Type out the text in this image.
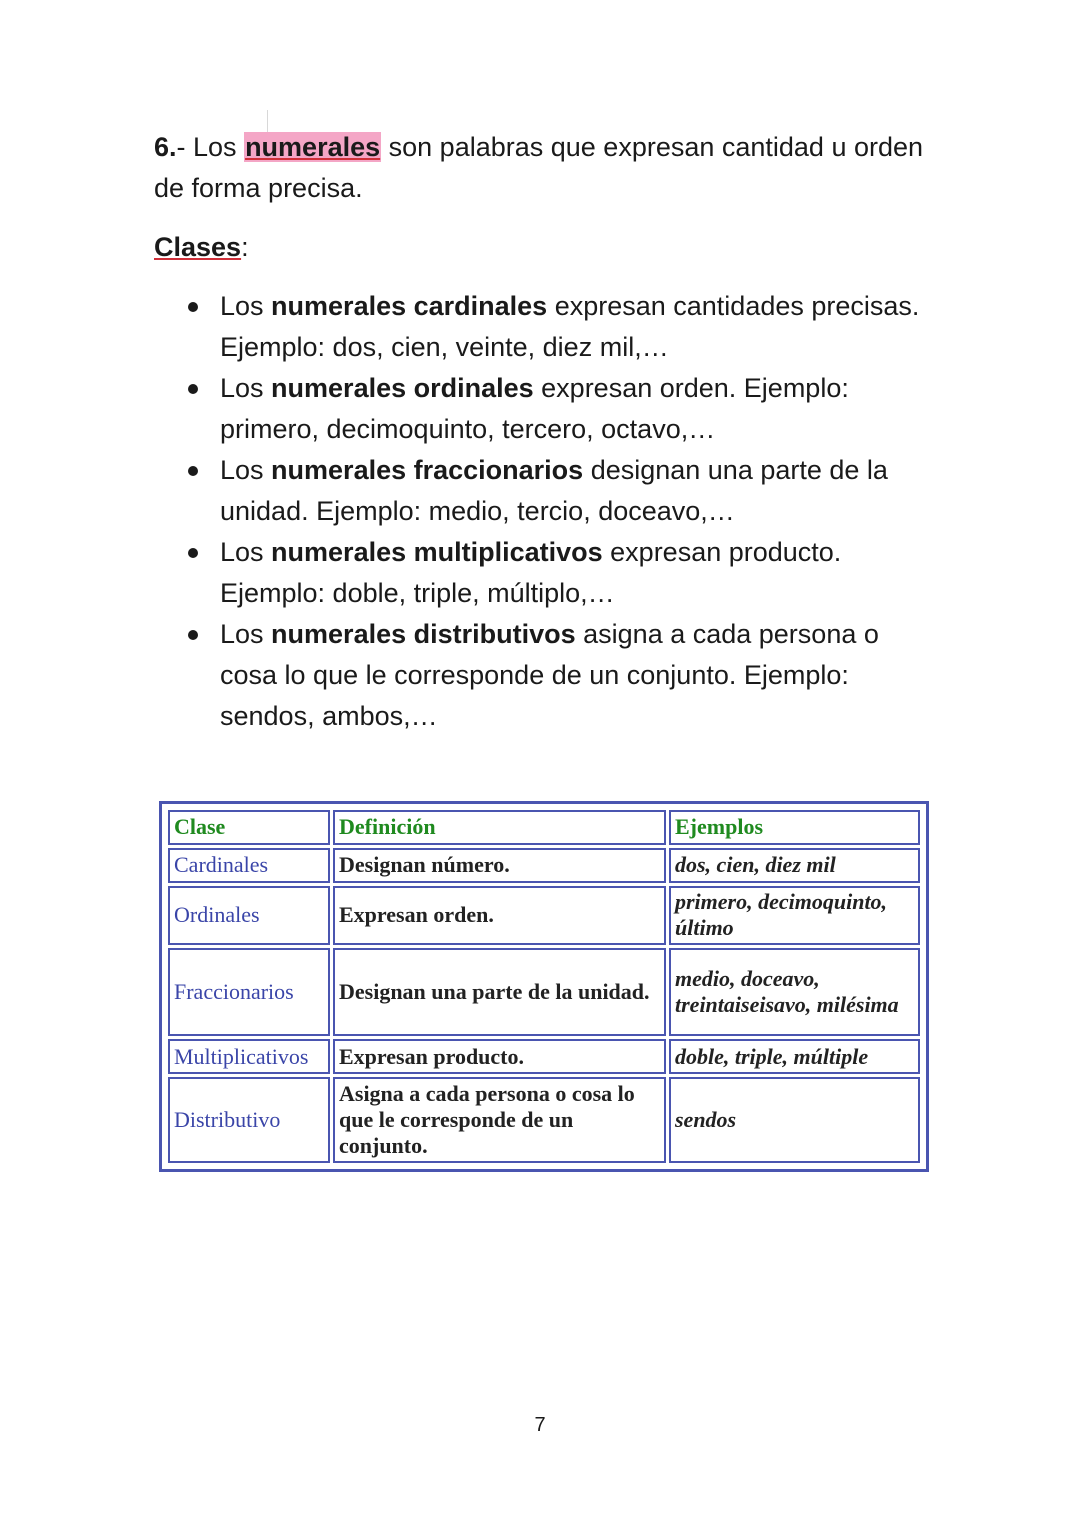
6.- Los numerales son palabras que expresan cantidad u orden de forma precisa.

Clases:
Los numerales cardinales expresan cantidades precisas. Ejemplo: dos, cien, veinte, diez mil,…
Los numerales ordinales expresan orden. Ejemplo: primero, decimoquinto, tercero, octavo,…
Los numerales fraccionarios designan una parte de la unidad. Ejemplo: medio, tercio, doceavo,…
Los numerales multiplicativos expresan producto. Ejemplo: doble, triple, múltiplo,…
Los numerales distributivos asigna a cada persona o cosa lo que le corresponde de un conjunto. Ejemplo: sendos, ambos,…
Clase	Definición	Ejemplos
Cardinales	Designan número.	dos, cien, diez mil
Ordinales	Expresan orden.	primero, decimoquinto, último
Fraccionarios	Designan una parte de la unidad.	medio, doceavo, treintaiseisavo, milésima
Multiplicativos	Expresan producto.	doble, triple, múltiple
Distributivo	Asigna a cada persona o cosa lo que le corresponde de un conjunto.	sendos
7
